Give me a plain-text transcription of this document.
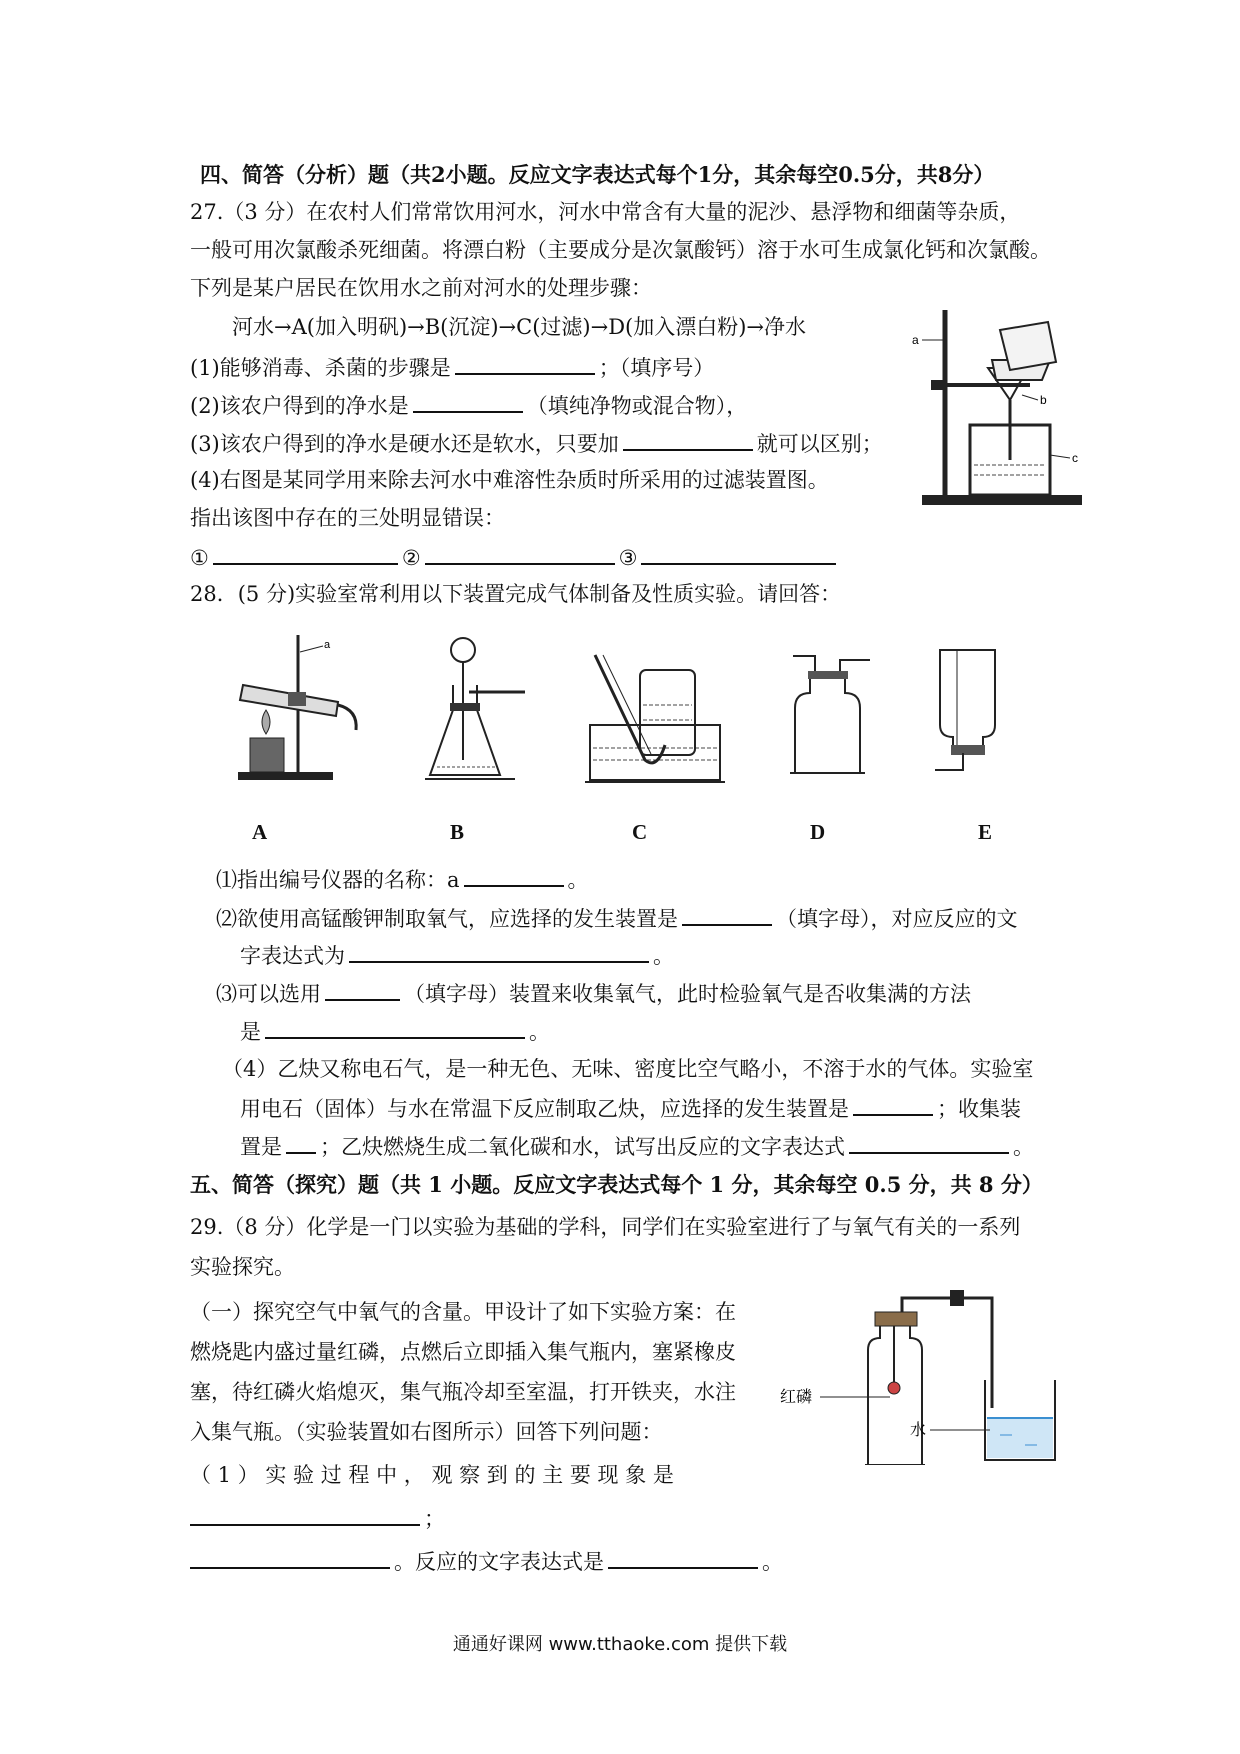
四、简答（分析）题（共2小题。反应文字表达式每个1分，其余每空0.5分，共8分）
27.（3 分）在农村人们常常饮用河水，河水中常含有大量的泥沙、悬浮物和细菌等杂质，
一般可用次氯酸杀死细菌。将漂白粉（主要成分是次氯酸钙）溶于水可生成氯化钙和次氯酸。
下列是某户居民在饮用水之前对河水的处理步骤：
河水→A(加入明矾)→B(沉淀)→C(过滤)→D(加入漂白粉)→净水
(1)能够消毒、杀菌的步骤是	；（填序号）
(2)该农户得到的净水是	（填纯净物或混合物），
(3)该农户得到的净水是硬水还是软水，只要加	就可以区别；
(4)右图是某同学用来除去河水中难溶性杂质时所采用的过滤装置图。
指出该图中存在的三处明显错误：
①	②	③
a
b
c
28．(5 分)实验室常利用以下装置完成气体制备及性质实验。请回答：
a
A	B	C	D	E
⑴指出编号仪器的名称：a	。
⑵欲使用高锰酸钾制取氧气，应选择的发生装置是	（填字母），对应反应的文
字表达式为	。
⑶可以选用	（填字母）装置来收集氧气，此时检验氧气是否收集满的方法
是	。
（4）乙炔又称电石气，是一种无色、无味、密度比空气略小，不溶于水的气体。实验室
用电石（固体）与水在常温下反应制取乙炔，应选择的发生装置是	；收集装
置是 ；乙炔燃烧生成二氧化碳和水，试写出反应的文字表达式	。
五、简答（探究）题（共 1 小题。反应文字表达式每个 1 分，其余每空 0.5 分，共 8 分）
29.（8 分）化学是一门以实验为基础的学科，同学们在实验室进行了与氧气有关的一系列
实验探究。
（一）探究空气中氧气的含量。甲设计了如下实验方案：在
燃烧匙内盛过量红磷，点燃后立即插入集气瓶内，塞紧橡皮
塞，待红磷火焰熄灭，集气瓶冷却至室温，打开铁夹，水注
入集气瓶。（实验装置如右图所示）回答下列问题：
（ 1 ） 实 验 过 程 中 ， 观 察 到 的 主 要 现 象 是
；
。反应的文字表达式是	。
红磷
水
通通好课网 www.tthaoke.com 提供下载
